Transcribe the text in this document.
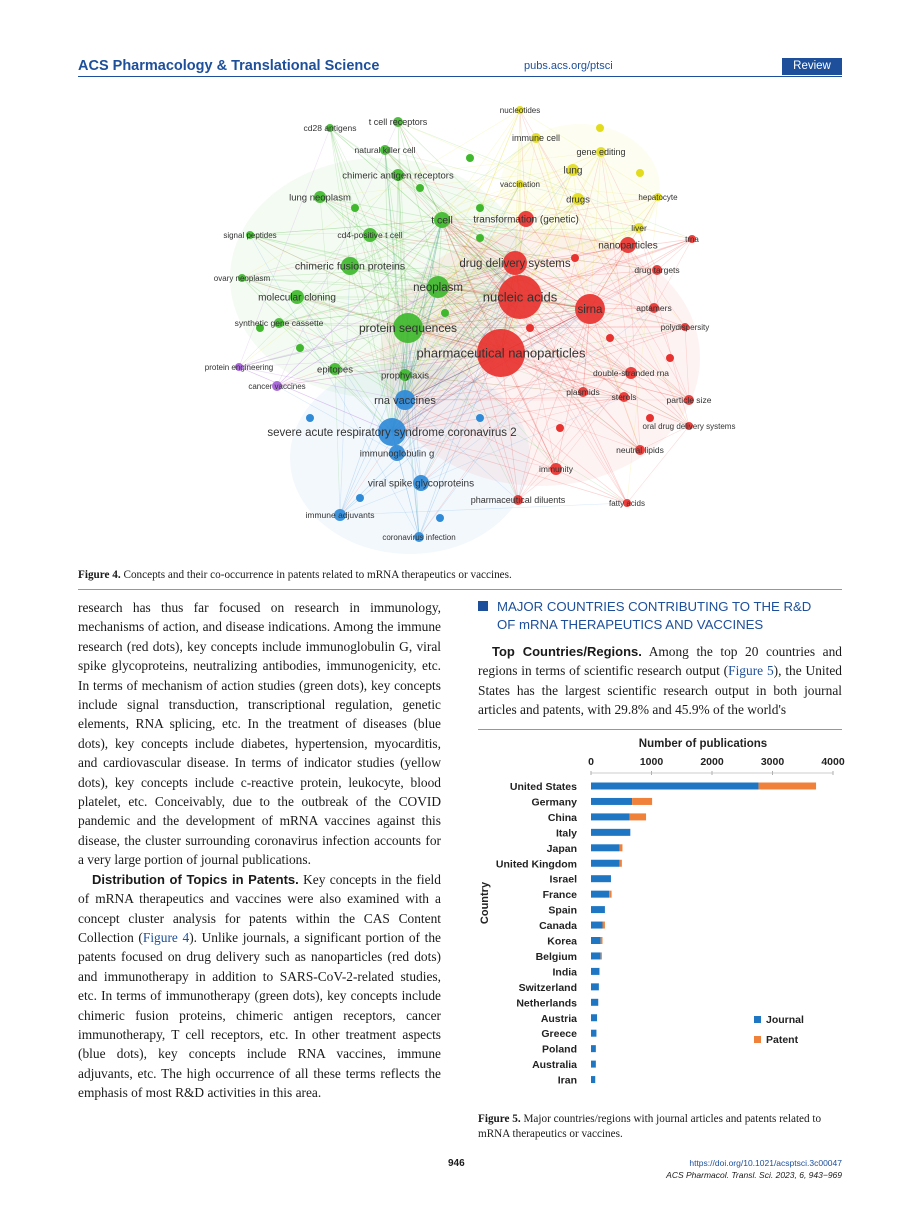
ACS Pharmacology & Translational Science	pubs.acs.org/ptsci	Review
nucleotides
t cell receptors
cd28 antigens
immune cell
natural killer cell	gene editing
chimeric antigen receptors	lung
vaccination
lung neoplasm	drugs	hepatocyte
t cell transformation (genetic)
liver
signal peptides	cd4-positive t cell
nanoparticles
trna
chimeric fusion proteins	drug delivery systems	drug targets
ovary neoplasm
neoplasm
molecular cloning	nucleic acids
sirna	aptamers
synthetic gene cassette	protein sequences	polydispersity
pharmaceutical nanoparticles
protein engineering	epitopes	double-stranded rna
cancer vaccines
prophylaxis
plasmids sterols	particle size
rna vaccines
oral drug delivery systems
severe acute respiratory syndrome coronavirus 2
neutral lipids
immunoglobulin g
immunity
viral spike glycoproteins
pharmaceutical diluents	fatty acids
immune adjuvants
coronavirus infection
Figure 4. Concepts and their co-occurrence in patents related to mRNA therapeutics or vaccines.

research has thus far focused on research in immunology, mechanisms of action, and disease indications. Among the immune research (red dots), key concepts include immunoglobulin G, viral spike glycoproteins, neutralizing antibodies, immunogenicity, etc. In terms of mechanism of action studies (green dots), key concepts include signal transduction, transcriptional regulation, genetic elements, RNA splicing, etc. In the treatment of diseases (blue dots), key concepts include diabetes, hypertension, myocarditis, and cardiovascular disease. In terms of indicator studies (yellow dots), key concepts include c-reactive protein, leukocyte, blood platelet, etc. Conceivably, due to the outbreak of the COVID pandemic and the development of mRNA vaccines against this disease, the cluster surrounding coronavirus infection accounts for a very large portion of journal publications.

Distribution of Topics in Patents. Key concepts in the field of mRNA therapeutics and vaccines were also examined with a concept cluster analysis for patents within the CAS Content Collection (Figure 4). Unlike journals, a significant portion of the patents focused on drug delivery such as nanoparticles (red dots) and immunotherapy in addition to SARS-CoV-2-related studies, etc. In terms of immunotherapy (green dots), key concepts include chimeric fusion proteins, chimeric antigen receptors, cancer immunotherapy, T cell receptors, etc. In other treatment aspects (blue dots), key concepts include RNA vaccines, immune adjuvants, etc. The high occurrence of all these terms reflects the emphasis of most R&D activities in this area.

MAJOR COUNTRIES CONTRIBUTING TO THE R&D
OF mRNA THERAPEUTICS AND VACCINES

Top Countries/Regions. Among the top 20 countries and regions in terms of scientific research output (Figure 5), the United States has the largest scientific research output in both journal articles and patents, with 29.8% and 45.9% of the world's

Number of publications
Country
0	1000	2000	3000	4000
United States
Germany
China
Italy
Japan
United Kingdom
Israel
France
Spain
Canada
Korea
Belgium
India
Switzerland
Netherlands
Austria
Greece
Poland
Australia
Iran
Journal
Patent
Figure 5. Major countries/regions with journal articles and patents related to mRNA therapeutics or vaccines.
946	https://doi.org/10.1021/acsptsci.3c00047
ACS Pharmacol. Transl. Sci. 2023, 6, 943−969
